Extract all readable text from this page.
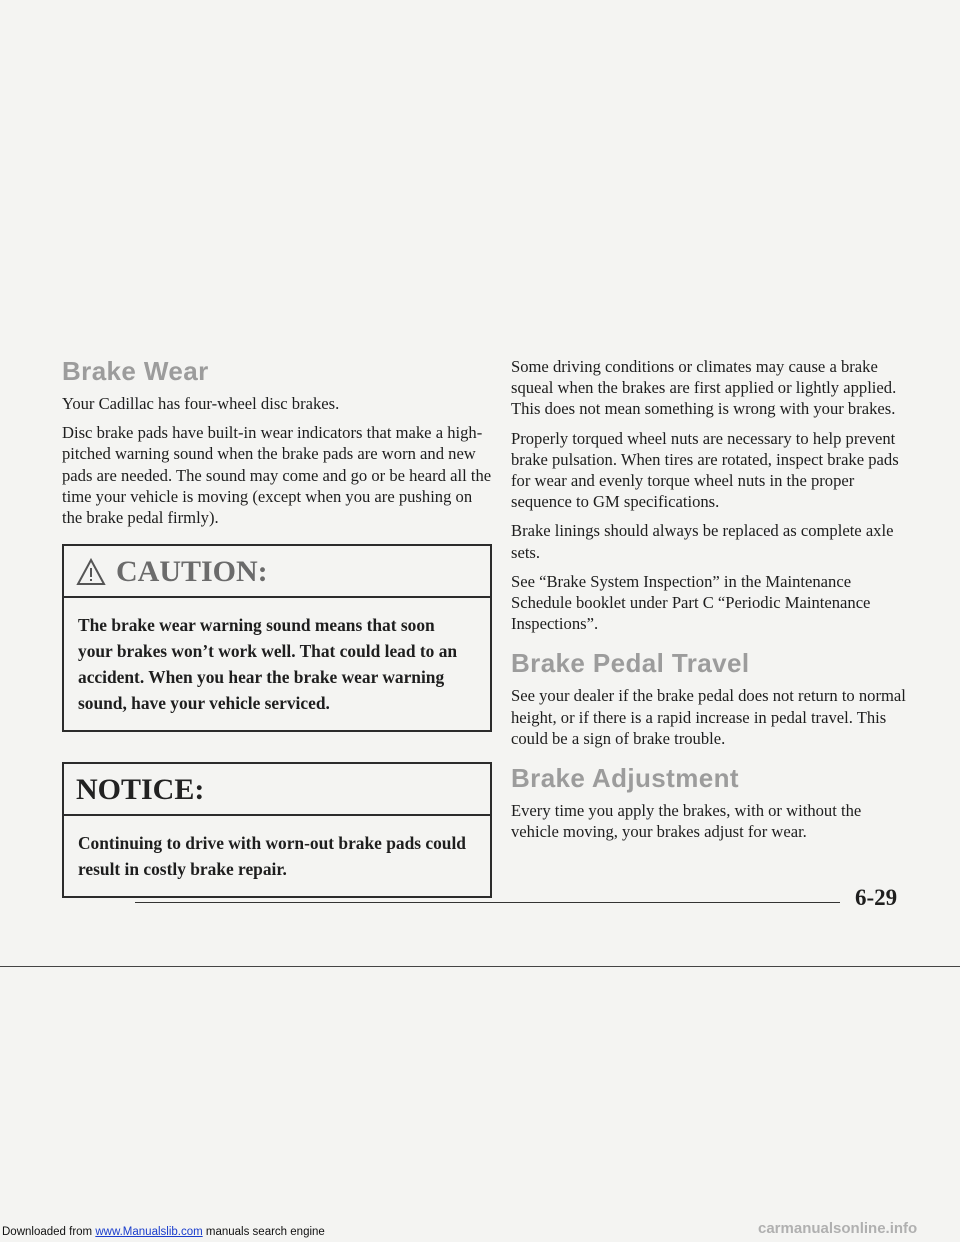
Brake Wear

Your Cadillac has four-wheel disc brakes.

Disc brake pads have built-in wear indicators that make a high-pitched warning sound when the brake pads are worn and new pads are needed. The sound may come and go or be heard all the time your vehicle is moving (except when you are pushing on the brake pedal firmly).

CAUTION:
The brake wear warning sound means that soon your brakes won’t work well. That could lead to an accident. When you hear the brake wear warning sound, have your vehicle serviced.
NOTICE:
Continuing to drive with worn-out brake pads could result in costly brake repair.

Some driving conditions or climates may cause a brake squeal when the brakes are first applied or lightly applied. This does not mean something is wrong with your brakes.

Properly torqued wheel nuts are necessary to help prevent brake pulsation. When tires are rotated, inspect brake pads for wear and evenly torque wheel nuts in the proper sequence to GM specifications.

Brake linings should always be replaced as complete axle sets.

See “Brake System Inspection” in the Maintenance Schedule booklet under Part C “Periodic Maintenance Inspections”.

Brake Pedal Travel

See your dealer if the brake pedal does not return to normal height, or if there is a rapid increase in pedal travel. This could be a sign of brake trouble.

Brake Adjustment

Every time you apply the brakes, with or without the vehicle moving, your brakes adjust for wear.

6-29
Downloaded from www.Manualslib.com manuals search engine	carmanualsonline.info
